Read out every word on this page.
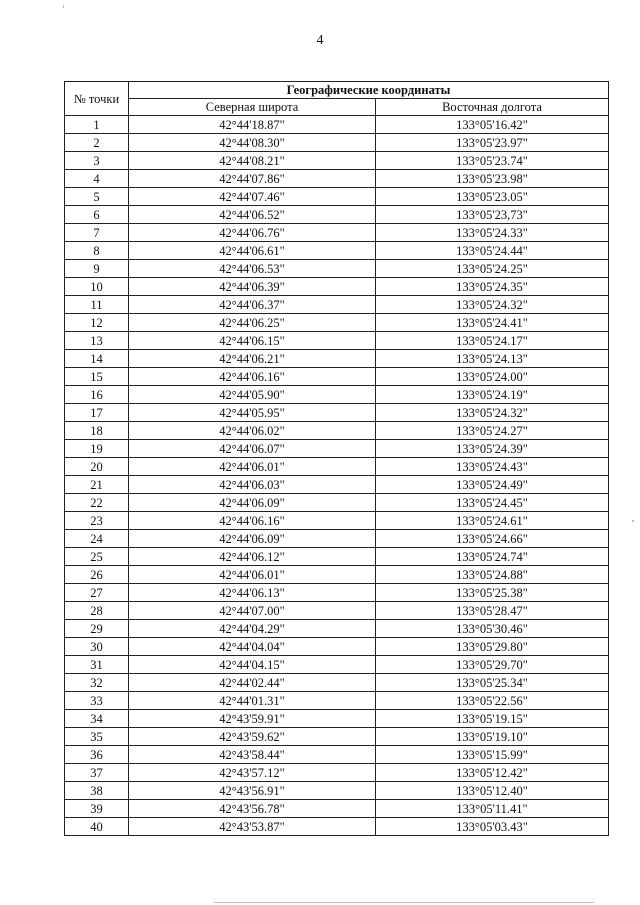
4
№ точки	Географические координаты	
	Северная широта	Восточная долгота
1	42°44'18.87"	133°05'16.42"
2	42°44'08.30"	133°05'23.97"
3	42°44'08.21"	133°05'23.74"
4	42°44'07.86"	133°05'23.98"
5	42°44'07.46"	133°05'23.05"
6	42°44'06.52"	133°05'23,73"
7	42°44'06.76"	133°05'24.33"
8	42°44'06.61"	133°05'24.44"
9	42°44'06.53"	133°05'24.25"
10	42°44'06.39"	133°05'24.35"
11	42°44'06.37"	133°05'24.32"
12	42°44'06.25"	133°05'24.41"
13	42°44'06.15"	133°05'24.17"
14	42°44'06.21"	133°05'24.13"
15	42°44'06.16"	133°05'24.00"
16	42°44'05.90"	133°05'24.19"
17	42°44'05.95"	133°05'24.32"
18	42°44'06.02"	133°05'24.27"
19	42°44'06.07"	133°05'24.39"
20	42°44'06.01"	133°05'24.43"
21	42°44'06.03"	133°05'24.49"
22	42°44'06.09"	133°05'24.45"
23	42°44'06.16"	133°05'24.61"
24	42°44'06.09"	133°05'24.66"
25	42°44'06.12"	133°05'24.74"
26	42°44'06.01"	133°05'24.88"
27	42°44'06.13"	133°05'25.38"
28	42°44'07.00"	133°05'28.47"
29	42°44'04.29"	133°05'30.46"
30	42°44'04.04"	133°05'29.80"
31	42°44'04.15"	133°05'29.70"
32	42°44'02.44"	133°05'25.34"
33	42°44'01.31"	133°05'22.56"
34	42°43'59.91"	133°05'19.15"
35	42°43'59.62"	133°05'19.10"
36	42°43'58.44"	133°05'15.99"
37	42°43'57.12"	133°05'12.42"
38	42°43'56.91"	133°05'12.40"
39	42°43'56.78"	133°05'11.41"
40	42°43'53.87"	133°05'03.43"
